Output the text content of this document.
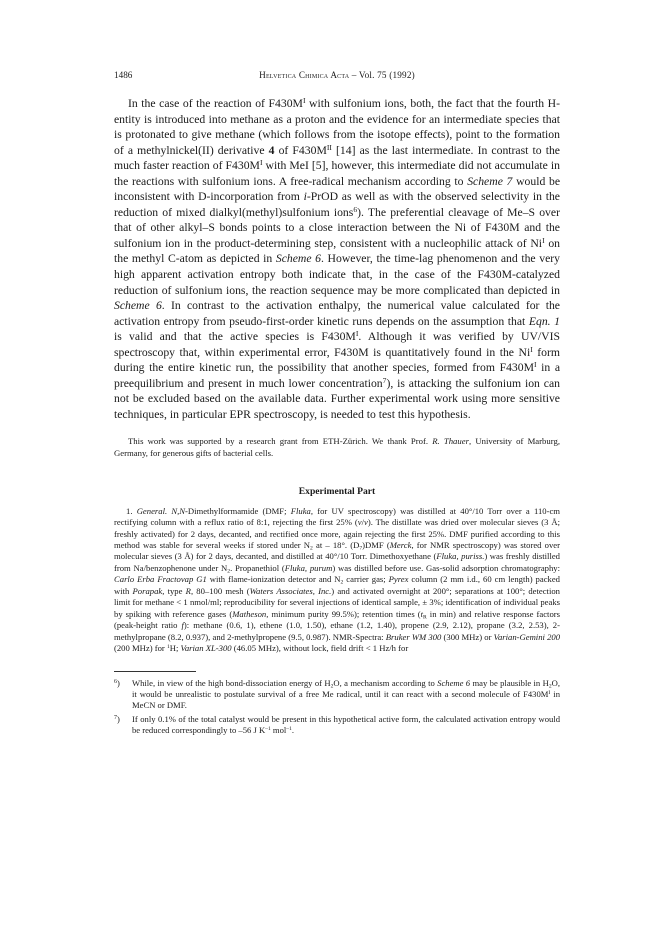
1486	Helvetica Chimica Acta – Vol. 75 (1992)
In the case of the reaction of $F430M^I$ with sulfonium ions, both, the fact that the fourth H-entity is introduced into methane as a proton and the evidence for an intermediate species that is protonated to give methane (which follows from the isotope effects), point to the formation of a methylnickel(II) derivative 4 of $F430M^{II}$ [14] as the last intermediate. In contrast to the much faster reaction of $F430M^I$ with MeI [5], however, this intermediate did not accumulate in the reactions with sulfonium ions. A free-radical mechanism according to Scheme 7 would be inconsistent with D-incorporation from i-PrOD as well as with the observed selectivity in the reduction of mixed dialkyl(methyl)sulfonium ions$^6$). The preferential cleavage of Me–S over that of other alkyl–S bonds points to a close interaction between the Ni of F430M and the sulfonium ion in the product-determining step, consistent with a nucleophilic attack of $Ni^I$ on the methyl C-atom as depicted in Scheme 6. However, the time-lag phenomenon and the very high apparent activation entropy both indicate that, in the case of the F430M-catalyzed reduction of sulfonium ions, the reaction sequence may be more complicated than depicted in Scheme 6. In contrast to the activation enthalpy, the numerical value calculated for the activation entropy from pseudo-first-order kinetic runs depends on the assumption that Eqn. 1 is valid and that the active species is $F430M^I$. Although it was verified by UV/VIS spectroscopy that, within experimental error, F430M is quantitatively found in the $Ni^I$ form during the entire kinetic run, the possibility that another species, formed from $F430M^I$ in a preequilibrium and present in much lower concentration$^7$), is attacking the sulfonium ion can not be excluded based on the available data. Further experimental work using more sensitive techniques, in particular EPR spectroscopy, is needed to test this hypothesis.
This work was supported by a research grant from ETH-Zürich. We thank Prof. R. Thauer, University of Marburg, Germany, for generous gifts of bacterial cells.
Experimental Part
1. General. N,N-Dimethylformamide (DMF; Fluka, for UV spectroscopy) was distilled at 40°/10 Torr over a 110-cm rectifying column with a reflux ratio of 8:1, rejecting the first 25% (v/v). The distillate was dried over molecular sieves (3 Å; freshly activated) for 2 days, decanted, and rectified once more, again rejecting the first 25%. DMF purified according to this method was stable for several weeks if stored under $N_2$ at – 18°. $(D_7)DMF$ (Merck, for NMR spectroscopy) was stored over molecular sieves (3 Å) for 2 days, decanted, and distilled at 40°/10 Torr. Dimethoxyethane (Fluka, puriss.) was freshly distilled from Na/benzophenone under $N_2$. Propanethiol (Fluka, purum) was distilled before use. Gas-solid adsorption chromatography: Carlo Erba Fractovap G1 with flame-ionization detector and $N_2$ carrier gas; Pyrex column (2 mm i.d., 60 cm length) packed with Porapak, type R, 80–100 mesh (Waters Associates, Inc.) and activated overnight at 200°; separations at 100°; detection limit for methane < 1 nmol/ml; reproducibility for several injections of identical sample, ± 3%; identification of individual peaks by spiking with reference gases (Matheson, minimum purity 99.5%); retention times ($t_R$ in min) and relative response factors (peak-height ratio f): methane (0.6, 1), ethene (1.0, 1.50), ethane (1.2, 1.40), propene (2.9, 2.12), propane (3.2, 2.53), 2-methylpropane (8.2, 0.937), and 2-methylpropene (9.5, 0.987). NMR-Spectra: Bruker WM 300 (300 MHz) or Varian-Gemini 200 (200 MHz) for $^1$H; Varian XL-300 (46.05 MHz), without lock, field drift < 1 Hz/h for
$^6$)	While, in view of the high bond-dissociation energy of $H_2O$, a mechanism according to Scheme 6 may be plausible in $H_2O$, it would be unrealistic to postulate survival of a free Me radical, until it can react with a second molecule of $F430M^I$ in MeCN or DMF.
$^7$)	If only 0.1% of the total catalyst would be present in this hypothetical active form, the calculated activation entropy would be reduced correspondingly to –56 J $K^{-1}$ mol$^{-1}$.
